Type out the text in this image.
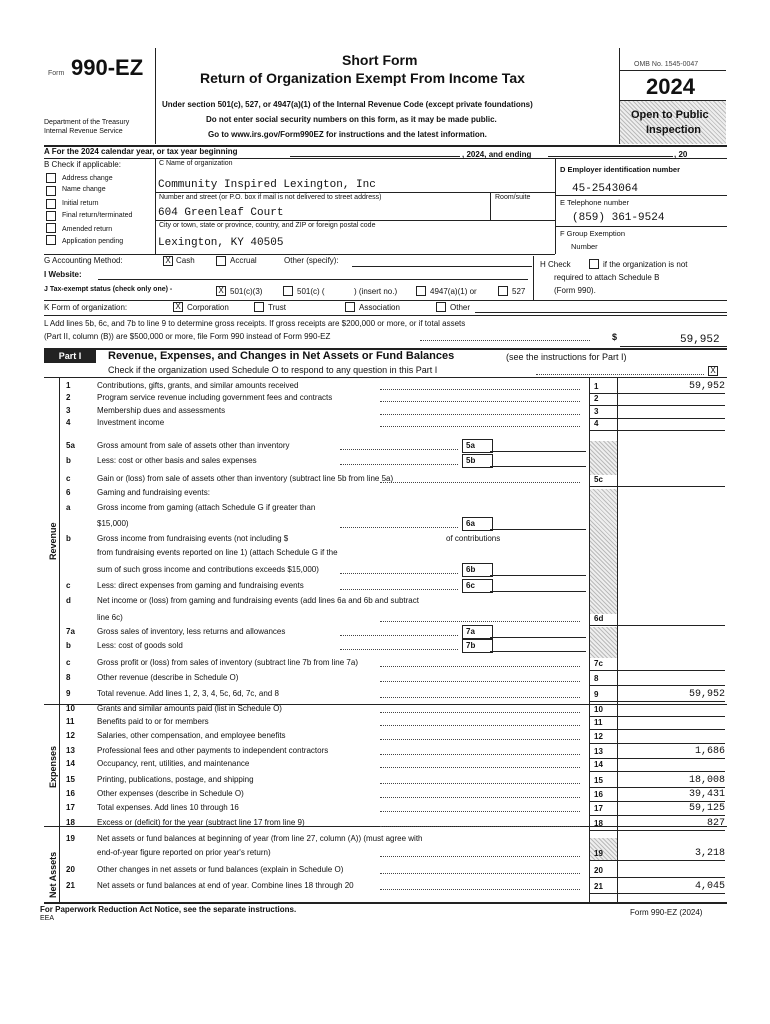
Form 990-EZ
Department of the Treasury
Internal Revenue Service
Short Form
Return of Organization Exempt From Income Tax
Under section 501(c), 527, or 4947(a)(1) of the Internal Revenue Code (except private foundations)
Do not enter social security numbers on this form, as it may be made public.
Go to www.irs.gov/Form990EZ for instructions and the latest information.
OMB No. 1545-0047
2024
Open to Public
Inspection
A For the 2024 calendar year, or tax year beginning	, 2024, and ending	, 20
B Check if applicable:
Address change
Name change
Initial return
Final return/terminated
Amended return
Application pending
C Name of organization
Community Inspired Lexington, Inc
Number and street (or P.O. box if mail is not delivered to street address)	Room/suite
604 Greenleaf Court
City or town, state or province, country, and ZIP or foreign postal code
Lexington, KY 40505
D Employer identification number
45-2543064
E Telephone number
(859) 361-9524
F Group Exemption
Number
G Accounting Method:	X Cash	Accrual	Other (specify):	H Check	if the organization is not
required to attach Schedule B
(Form 990).
I Website:
J Tax-exempt status (check only one) -	X 501(c)(3)	501(c) (	) (insert no.)	4947(a)(1) or	527
K Form of organization:	X Corporation	Trust	Association	Other
L Add lines 5b, 6c, and 7b to line 9 to determine gross receipts. If gross receipts are $200,000 or more, or if total assets
(Part II, column (B)) are $500,000 or more, file Form 990 instead of Form 990-EZ	$	59,952
Part I	Revenue, Expenses, and Changes in Net Assets or Fund Balances	(see the instructions for Part I)
Check if the organization used Schedule O to respond to any question in this Part I	X
Revenue
Expenses
Net Assets
1	Contributions, gifts, grants, and similar amounts received	1	59,952
2	Program service revenue including government fees and contracts	2
3	Membership dues and assessments	3
4	Investment income	4
5a	Gross amount from sale of assets other than inventory	5a
b	Less: cost or other basis and sales expenses	5b
c	Gain or (loss) from sale of assets other than inventory (subtract line 5b from line 5a)	5c
6	Gaming and fundraising events:
a	Gross income from gaming (attach Schedule G if greater than
$15,000)	6a
b	Gross income from fundraising events (not including $	of contributions
from fundraising events reported on line 1) (attach Schedule G if the
sum of such gross income and contributions exceeds $15,000)	6b
c	Less: direct expenses from gaming and fundraising events	6c
d	Net income or (loss) from gaming and fundraising events (add lines 6a and 6b and subtract
line 6c)	6d
7a	Gross sales of inventory, less returns and allowances	7a
b	Less: cost of goods sold	7b
c	Gross profit or (loss) from sales of inventory (subtract line 7b from line 7a)	7c
8	Other revenue (describe in Schedule O)	8
9	Total revenue. Add lines 1, 2, 3, 4, 5c, 6d, 7c, and 8	9	59,952
10	Grants and similar amounts paid (list in Schedule O)	10
11	Benefits paid to or for members	11
12	Salaries, other compensation, and employee benefits	12
13	Professional fees and other payments to independent contractors	13	1,686
14	Occupancy, rent, utilities, and maintenance	14
15	Printing, publications, postage, and shipping	15	18,008
16	Other expenses (describe in Schedule O)	16	39,431
17	Total expenses. Add lines 10 through 16	17	59,125
18	Excess or (deficit) for the year (subtract line 17 from line 9)	18	827
19	Net assets or fund balances at beginning of year (from line 27, column (A)) (must agree with
end-of-year figure reported on prior year's return)	19	3,218
20	Other changes in net assets or fund balances (explain in Schedule O)	20
21	Net assets or fund balances at end of year. Combine lines 18 through 20	21	4,045
For Paperwork Reduction Act Notice, see the separate instructions.
EEA
Form 990-EZ (2024)
